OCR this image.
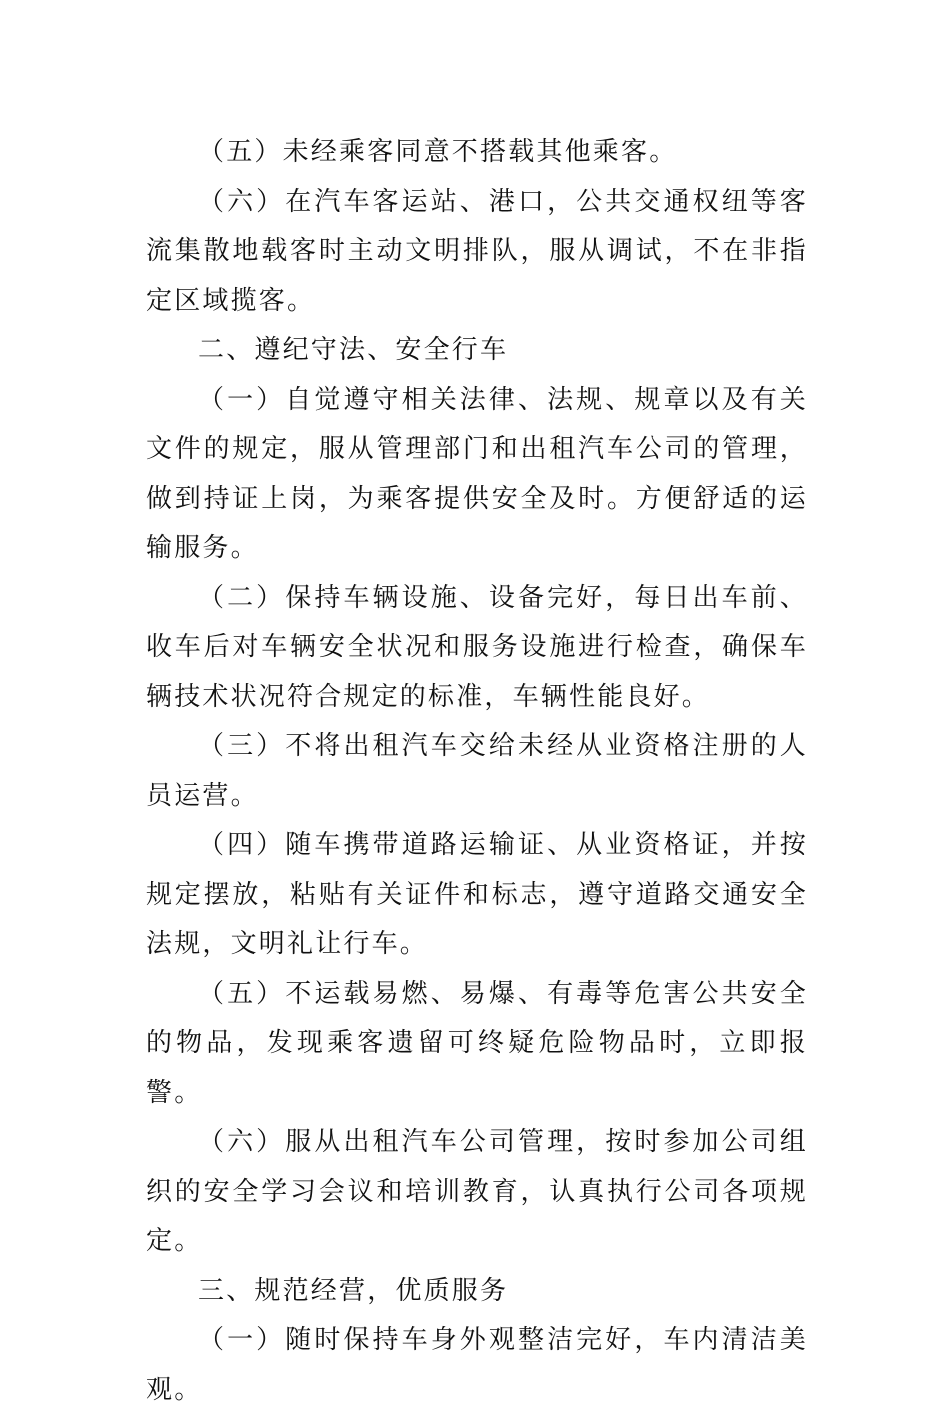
（五）未经乘客同意不搭载其他乘客。

（六）在汽车客运站、港口，公共交通权纽等客流集散地载客时主动文明排队，服从调试，不在非指定区域揽客。

二、遵纪守法、安全行车

（一）自觉遵守相关法律、法规、规章以及有关文件的规定，服从管理部门和出租汽车公司的管理，做到持证上岗，为乘客提供安全及时。方便舒适的运输服务。

（二）保持车辆设施、设备完好，每日出车前、收车后对车辆安全状况和服务设施进行检查，确保车辆技术状况符合规定的标准，车辆性能良好。

（三）不将出租汽车交给未经从业资格注册的人员运营。

（四）随车携带道路运输证、从业资格证，并按规定摆放，粘贴有关证件和标志，遵守道路交通安全法规，文明礼让行车。

（五）不运载易燃、易爆、有毒等危害公共安全的物品，发现乘客遗留可终疑危险物品时，立即报警。

（六）服从出租汽车公司管理，按时参加公司组织的安全学习会议和培训教育，认真执行公司各项规定。

三、规范经营，优质服务

（一）随时保持车身外观整洁完好，车内清洁美观。
